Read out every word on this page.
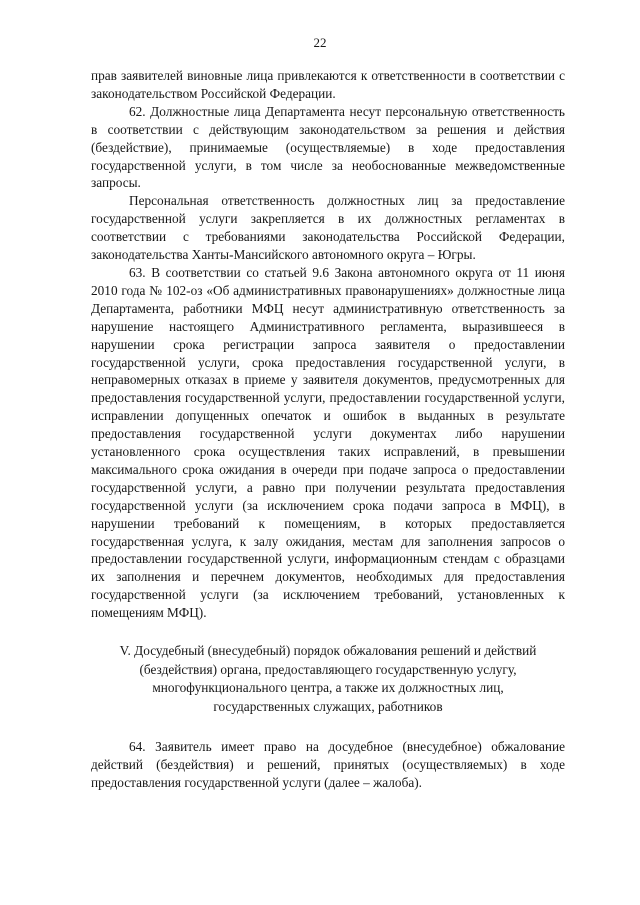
22

прав заявителей виновные лица привлекаются к ответственности в соответствии с законодательством Российской Федерации.

62. Должностные лица Департамента несут персональную ответственность в соответствии с действующим законодательством за решения и действия (бездействие), принимаемые (осуществляемые) в ходе предоставления государственной услуги, в том числе за необоснованные межведомственные запросы.

Персональная ответственность должностных лиц за предоставление государственной услуги закрепляется в их должностных регламентах в соответствии с требованиями законодательства Российской Федерации, законодательства Ханты-Мансийского автономного округа – Югры.

63. В соответствии со статьей 9.6 Закона автономного округа от 11 июня 2010 года № 102-оз «Об административных правонарушениях» должностные лица Департамента, работники МФЦ несут административную ответственность за нарушение настоящего Административного регламента, выразившееся в нарушении срока регистрации запроса заявителя о предоставлении государственной услуги, срока предоставления государственной услуги, в неправомерных отказах в приеме у заявителя документов, предусмотренных для предоставления государственной услуги, предоставлении государственной услуги, исправлении допущенных опечаток и ошибок в выданных в результате предоставления государственной услуги документах либо нарушении установленного срока осуществления таких исправлений, в превышении максимального срока ожидания в очереди при подаче запроса о предоставлении государственной услуги, а равно при получении результата предоставления государственной услуги (за исключением срока подачи запроса в МФЦ), в нарушении требований к помещениям, в которых предоставляется государственная услуга, к залу ожидания, местам для заполнения запросов о предоставлении государственной услуги, информационным стендам с образцами их заполнения и перечнем документов, необходимых для предоставления государственной услуги (за исключением требований, установленных к помещениям МФЦ).

V. Досудебный (внесудебный) порядок обжалования решений и действий
(бездействия) органа, предоставляющего государственную услугу,
многофункционального центра, а также их должностных лиц,
государственных служащих, работников

64. Заявитель имеет право на досудебное (внесудебное) обжалование действий (бездействия) и решений, принятых (осуществляемых) в ходе предоставления государственной услуги (далее – жалоба).
